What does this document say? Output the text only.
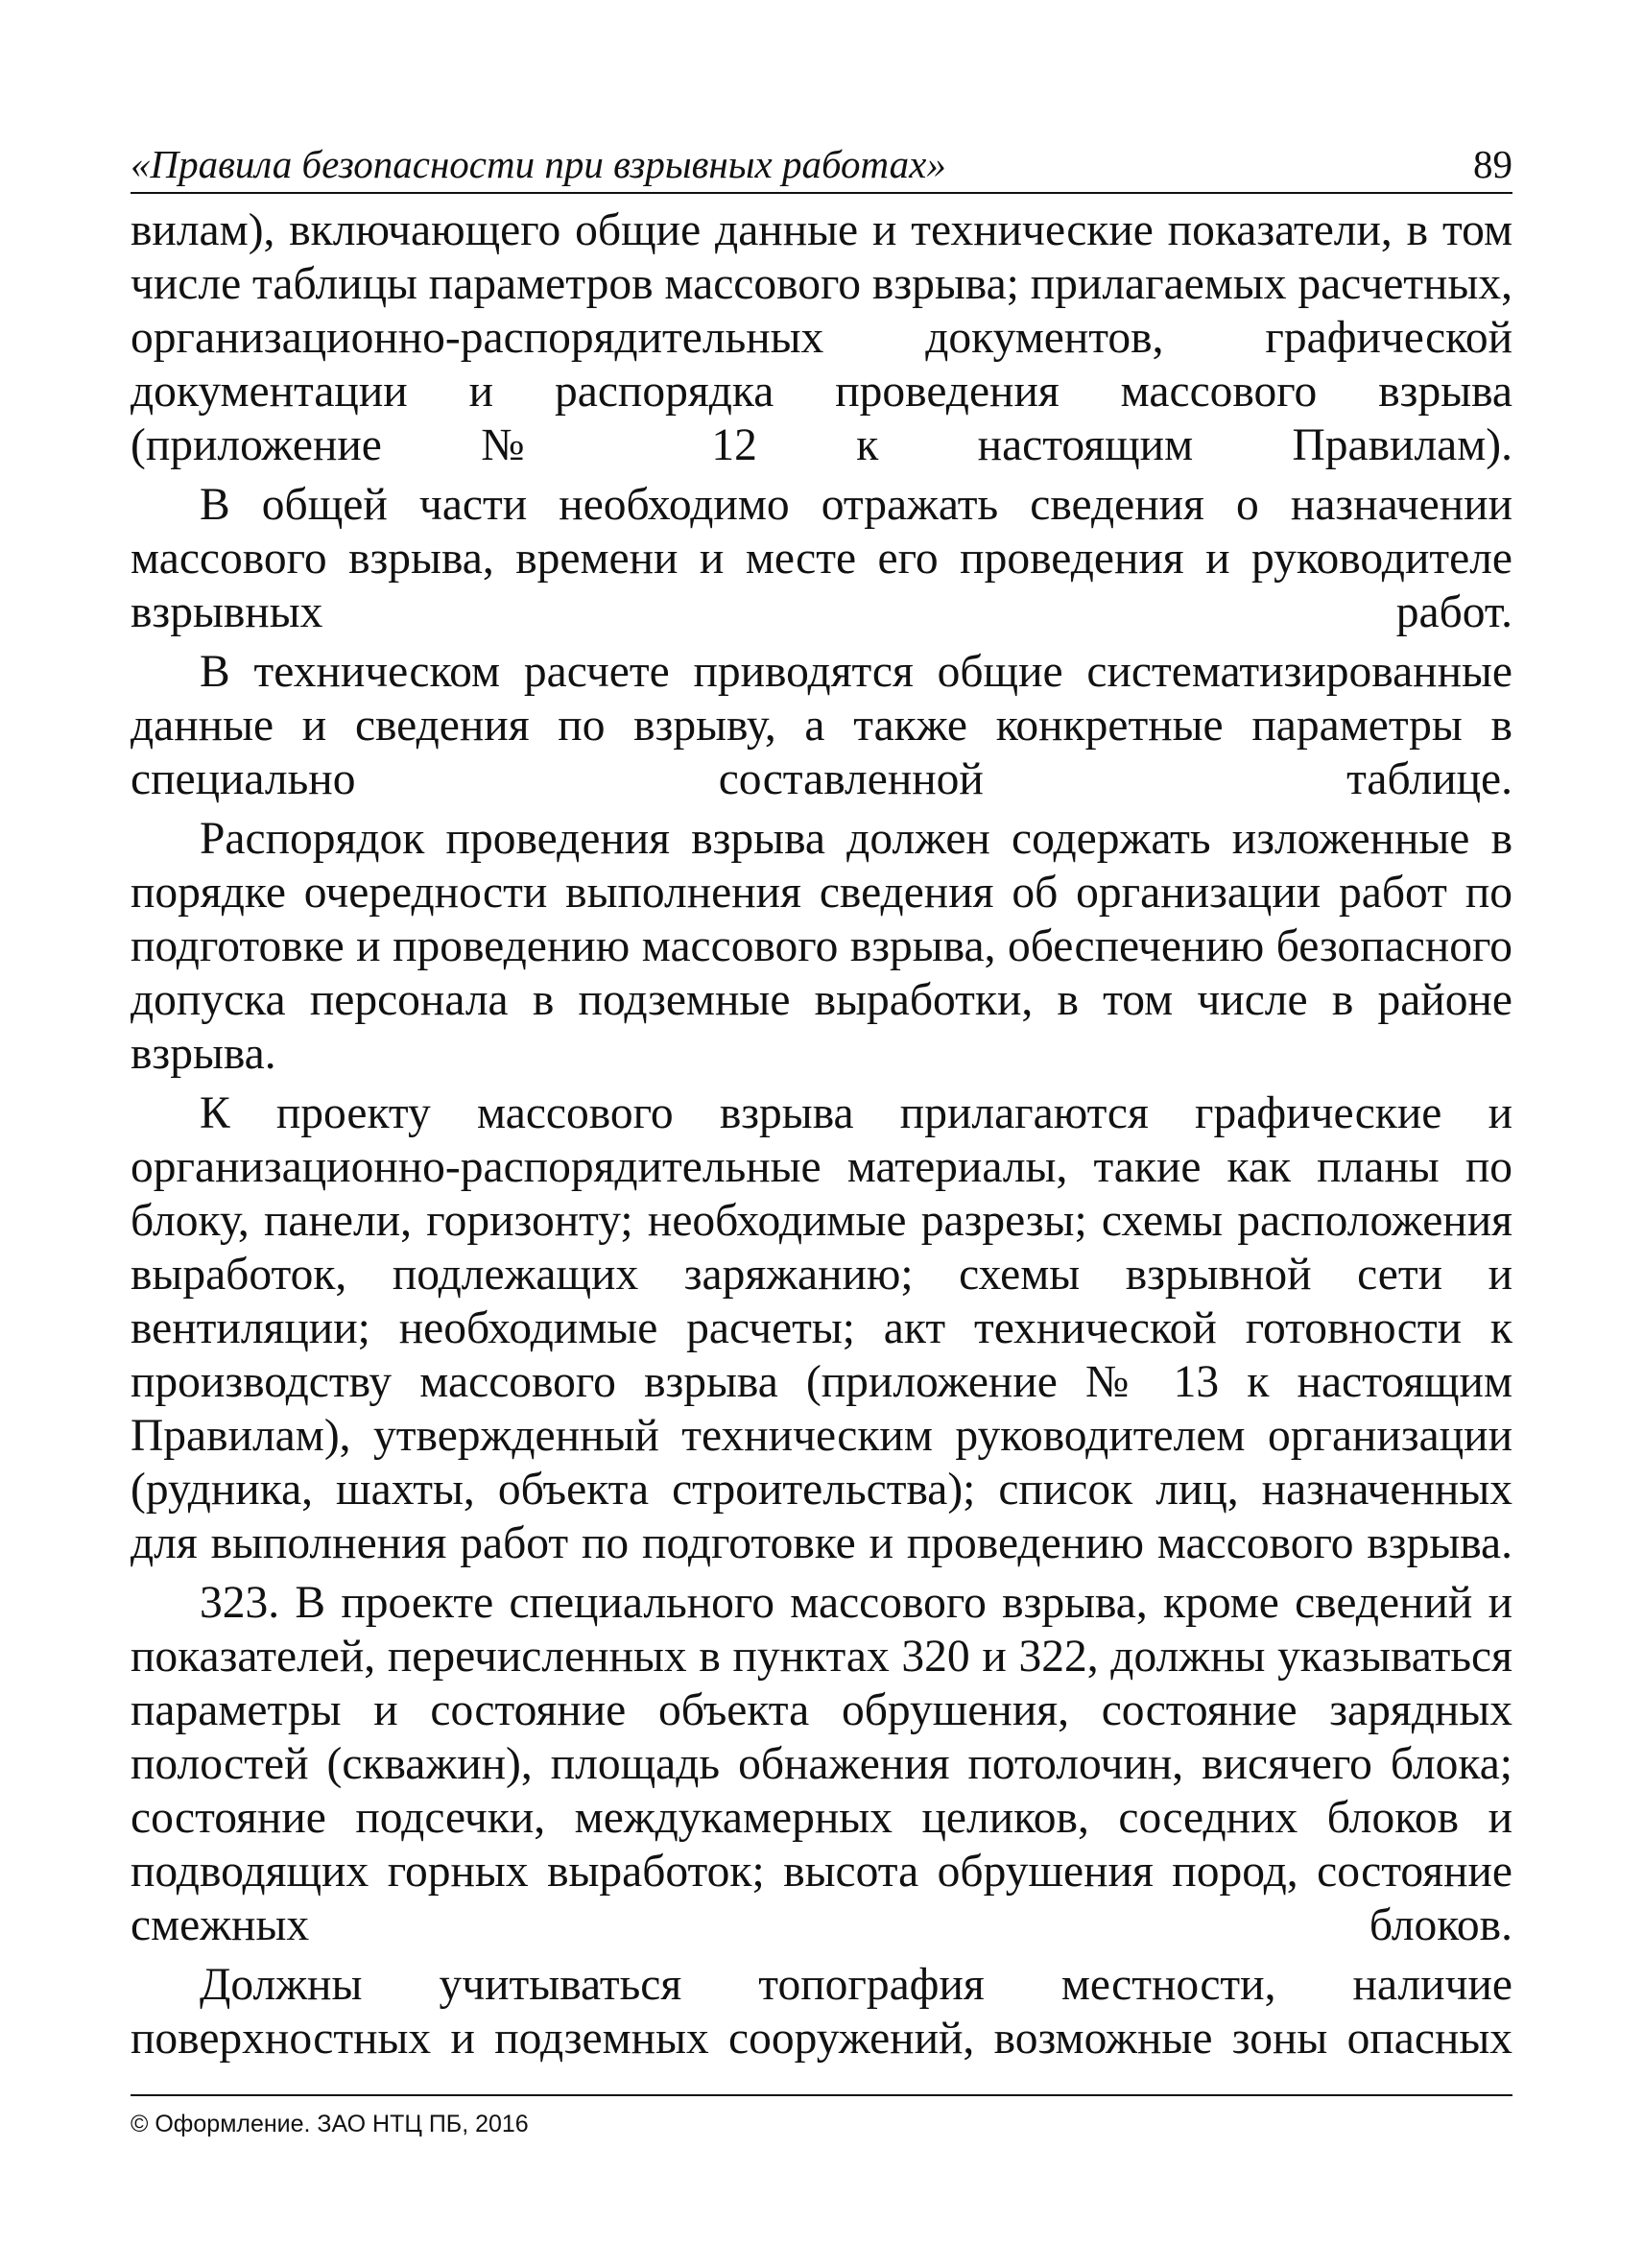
«Правила безопасности при взрывных работах»	89

вилам), включающего общие данные и технические показатели, в том числе таблицы параметров массового взрыва; прилагаемых расчетных, организационно-распорядительных документов, графической документации и распорядка проведения массового взрыва (приложение № 12 к настоящим Правилам).

В общей части необходимо отражать сведения о назначении массового взрыва, времени и месте его проведения и руководителе взрывных работ.

В техническом расчете приводятся общие систематизированные данные и сведения по взрыву, а также конкретные параметры в специально составленной таблице.

Распорядок проведения взрыва должен содержать изложенные в порядке очередности выполнения сведения об организации работ по подготовке и проведению массового взрыва, обеспечению безопасного допуска персонала в подземные выработки, в том числе в районе взрыва.

К проекту массового взрыва прилагаются графические и организационно-распорядительные материалы, такие как планы по блоку, панели, горизонту; необходимые разрезы; схемы расположения выработок, подлежащих заряжанию; схемы взрывной сети и вентиляции; необходимые расчеты; акт технической готовности к производству массового взрыва (приложение № 13 к настоящим Правилам), утвержденный техническим руководителем организации (рудника, шахты, объекта строительства); список лиц, назначенных для выполнения работ по подготовке и проведению массового взрыва.

323. В проекте специального массового взрыва, кроме сведений и показателей, перечисленных в пунктах 320 и 322, должны указываться параметры и состояние объекта обрушения, состояние зарядных полостей (скважин), площадь обнажения потолочин, висячего блока; состояние подсечки, междукамерных целиков, соседних блоков и подводящих горных выработок; высота обрушения пород, состояние смежных блоков.

Должны учитываться топография местности, наличие поверхностных и подземных сооружений, возможные зоны опасных

© Оформление. ЗАО НТЦ ПБ, 2016
